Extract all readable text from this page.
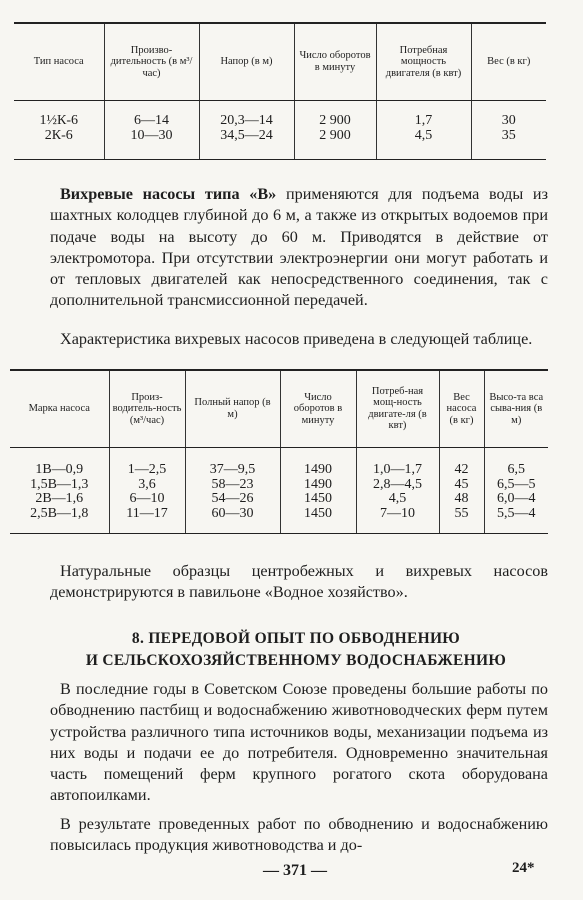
Тип насоса	Произво-дительность (в м³/час)	Напор (в м)	Число оборотов в минуту	Потребная мощность двигателя (в квт)	Вес (в кг)

1½К-6	6—14	20,3—14	2 900	1,7	30
2К-6	10—30	34,5—24	2 900	4,5	35

Вихревые насосы типа «В» применяются для подъема воды из шахтных колодцев глубиной до 6 м, а также из открытых водоемов при подаче воды на высоту до 60 м. Приводятся в действие от электромотора. При отсутствии электроэнергии они могут работать и от тепловых двигателей как непосредственного соединения, так с дополнительной трансмиссионной передачей.

Характеристика вихревых насосов приведена в следующей таблице.

Марка насоса	Произ-водитель-ность (м³/час)	Полный напор (в м)	Число оборотов в минуту	Потреб-ная мощ-ность двигате-ля (в квт)	Вес насоса (в кг)	Высо-та вса сыва-ния (в м)

1В—0,9	1—2,5	37—9,5	1490	1,0—1,7	42	6,5
1,5В—1,3	3,6	58—23	1490	2,8—4,5	45	6,5—5
2В—1,6	6—10	54—26	1450	4,5	48	6,0—4
2,5В—1,8	11—17	60—30	1450	7—10	55	5,5—4

Натуральные образцы центробежных и вихревых насосов демонстрируются в павильоне «Водное хозяйство».

8. ПЕРЕДОВОЙ ОПЫТ ПО ОБВОДНЕНИЮ
И СЕЛЬСКОХОЗЯЙСТВЕННОМУ ВОДОСНАБЖЕНИЮ

В последние годы в Советском Союзе проведены большие работы по обводнению пастбищ и водоснабжению животноводческих ферм путем устройства различного типа источников воды, механизации подъема из них воды и подачи ее до потребителя. Одновременно значительная часть помещений ферм крупного рогатого скота оборудована автопоилками.

В результате проведенных работ по обводнению и водоснабжению повысилась продукция животноводства и до-

— 371 —	24*
